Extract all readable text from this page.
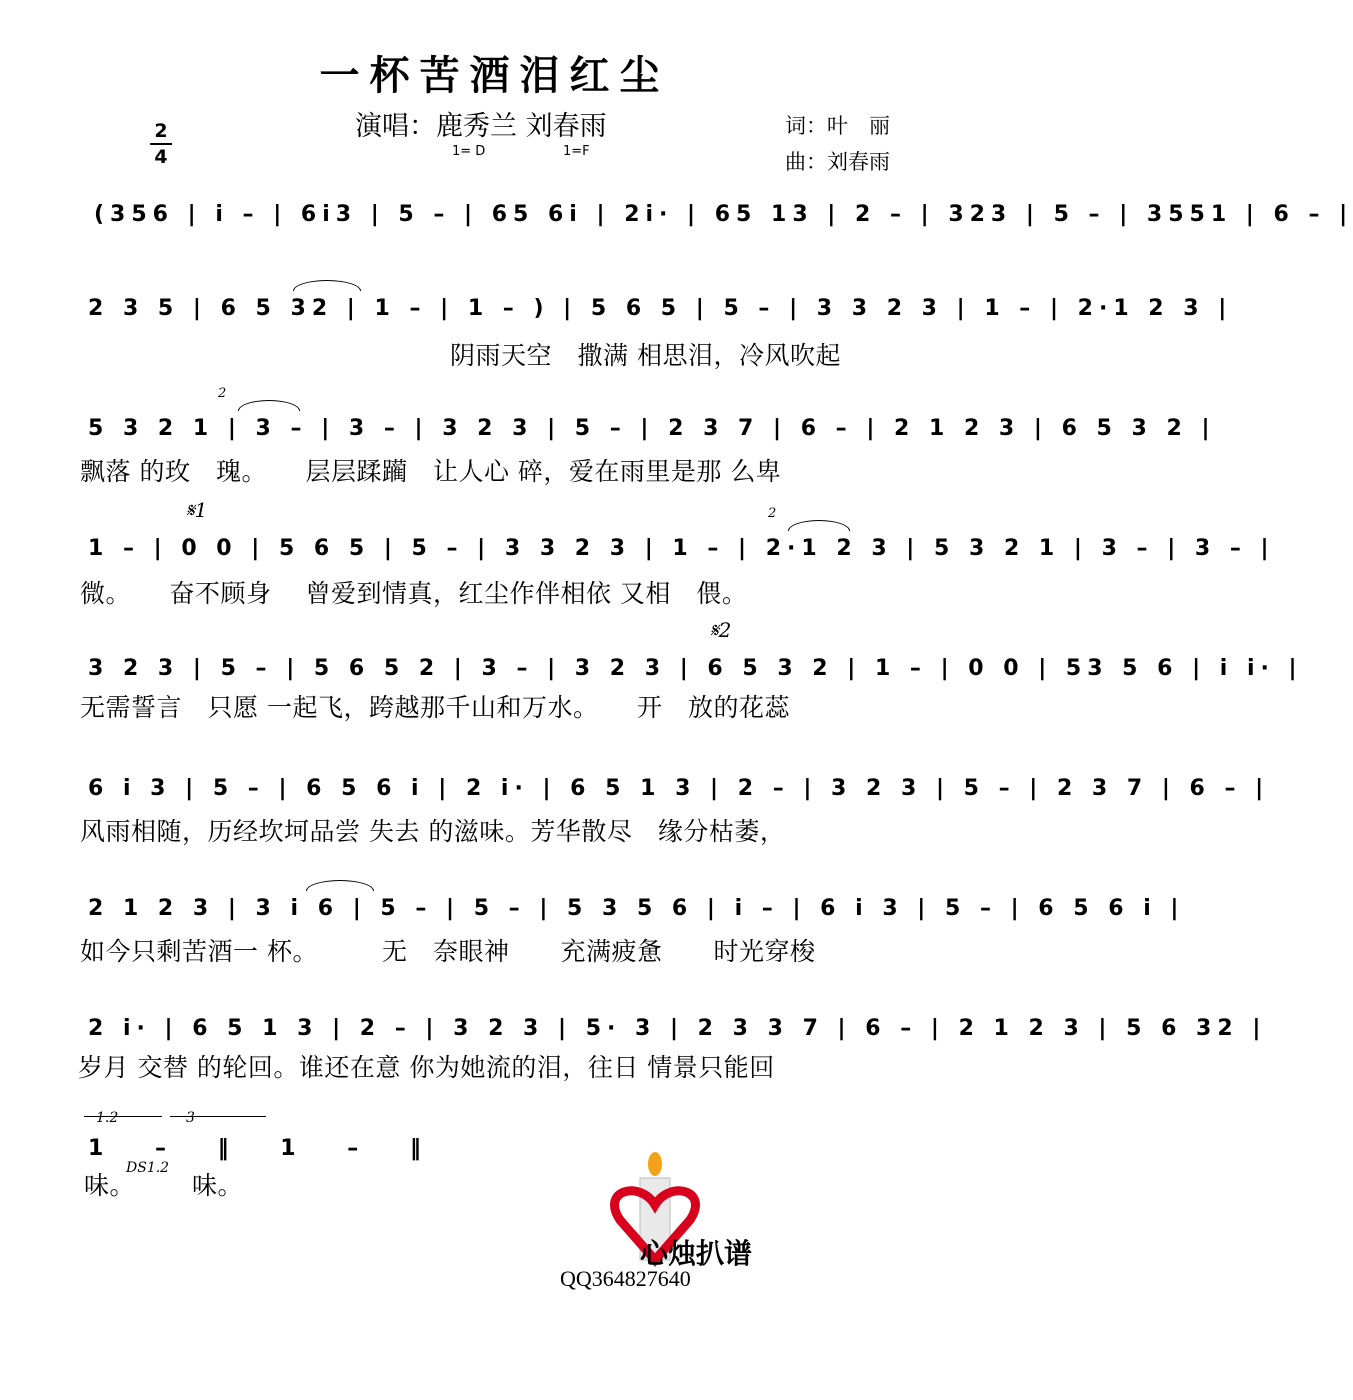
一杯苦酒泪红尘
演唱：鹿秀兰 刘春雨	词：叶　丽
曲：刘春雨
1= D	1=F
2
4
(356 | i – | 6i3 | 5 – | 65 6i | 2i· | 65 13 | 2 – | 323 | 5 – | 3551 | 6 – |
2 3 5 | 6 5 32 | 1 – | 1 – ) | 5 6 5 | 5 – | 3 3 2 3 | 1 – | 2·1 2 3 |
阴雨天空　撒满 相思泪，冷风吹起
5 3 2 1 | 3 – | 3 – | 3 2 3 | 5 – | 2 3 7 | 6 – | 2 1 2 3 | 6 5 3 2 |
2
飘落 的玫　瑰。　　层层蹂躏　让人心 碎，爱在雨里是那 么卑
1 – | 0 0 | 5 6 5 | 5 – | 3 3 2 3 | 1 – | 2·1 2 3 | 5 3 2 1 | 3 – | 3 – |
𝄋1	2
微。　　奋不顾身　 曾爱到情真，红尘作伴相依 又相　偎。
3 2 3 | 5 – | 5 6 5 2 | 3 – | 3 2 3 | 6 5 3 2 | 1 – | 0 0 | 53 5 6 | i i· |
𝄋2
无需誓言　只愿 一起飞，跨越那千山和万水。　　开　放的花蕊
6 i 3 | 5 – | 6 5 6 i | 2 i· | 6 5 1 3 | 2 – | 3 2 3 | 5 – | 2 3 7 | 6 – |
风雨相随，历经坎坷品尝 失去 的滋味。芳华散尽　缘分枯萎，
2 1 2 3 | 3 i 6 | 5 – | 5 – | 5 3 5 6 | i – | 6 i 3 | 5 – | 6 5 6 i |
如今只剩苦酒一 杯。　　　无　奈眼神　　充满疲惫　　时光穿梭
2 i· | 6 5 1 3 | 2 – | 3 2 3 | 5· 3 | 2 3 3 7 | 6 – | 2 1 2 3 | 5 6 32 |
岁月 交替 的轮回。谁还在意 你为她流的泪，往日 情景只能回
1.2	3
1 – ‖ 1 – ‖
味。
DS1.2
味。
心烛扒谱
QQ364827640
